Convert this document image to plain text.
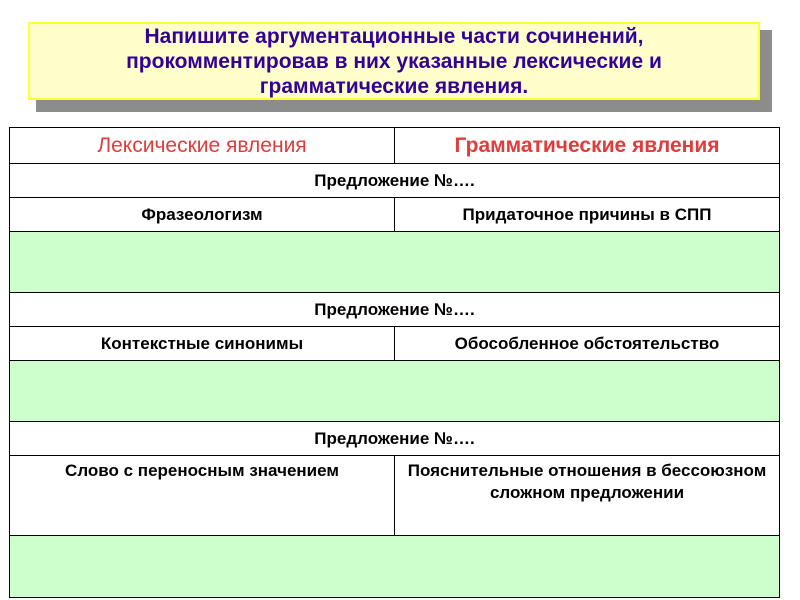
Напишите аргументационные части сочинений,
прокомментировав в них указанные лексические и
грамматические явления.
Лексические явления	Грамматические явления
Предложение №….	
Фразеологизм	Придаточное причины в СПП

Предложение №….	
Контекстные синонимы	Обособленное обстоятельство

Предложение №….	
Слово с переносным значением	Пояснительные отношения в бессоюзном сложном предложении
